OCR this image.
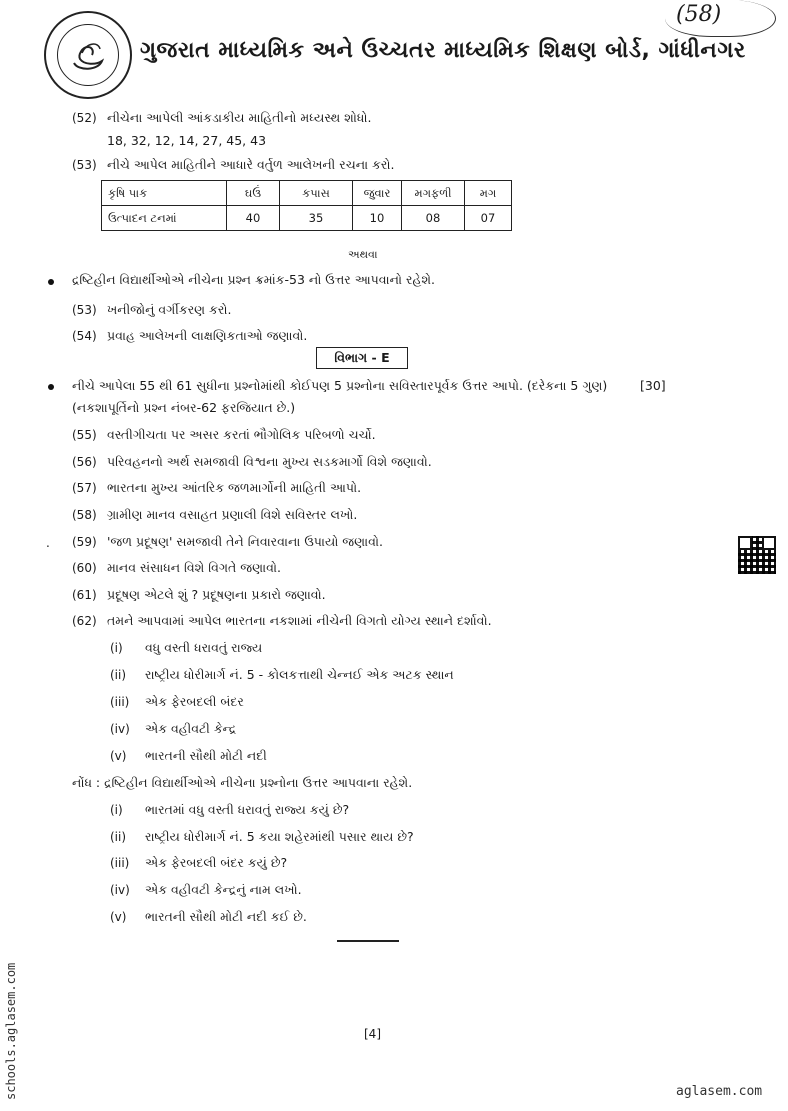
ગુજરાત માધ્યમિક અને ઉચ્ચતર માધ્યમિક શિક્ષણ બોર્ડ, ગાંધીનગર
(58)
(52) નીચેના આપેલી આંકડાકીય માહિતીનો મધ્યસ્થ શોધો.
18, 32, 12, 14, 27, 45, 43
(53) નીચે આપેલ માહિતીને આધારે વર્તુળ આલેખની રચના કરો.
કૃષિ પાક	ઘઉં	કપાસ	જુવાર	મગફળી	મગ
ઉત્પાદન ટનમાં	40	35	10	08	07
અથવા
દ્રષ્ટિહીન વિદ્યાર્થીઓએ નીચેના પ્રશ્ન ક્રમાંક-53 નો ઉત્તર આપવાનો રહેશે.
(53) ખનીજોનું વર્ગીકરણ કરો.
(54) પ્રવાહ આલેખની લાક્ષણિકતાઓ જણાવો.
વિભાગ - E
નીચે આપેલા 55 થી 61 સુધીના પ્રશ્નોમાંથી કોઈપણ 5 પ્રશ્નોના સવિસ્તારપૂર્વક ઉત્તર આપો. (દરેકના 5 ગુણ)	[30]
(નકશાપૂર્તિનો પ્રશ્ન નંબર-62 ફરજિયાત છે.)
(55) વસ્તીગીચતા પર અસર કરતાં ભૌગોલિક પરિબળો ચર્ચો.
(56) પરિવહનનો અર્થ સમજાવી વિશ્વના મુખ્ય સડકમાર્ગો વિશે જણાવો.
(57) ભારતના મુખ્ય આંતરિક જળમાર્ગોની માહિતી આપો.
(58) ગ્રામીણ માનવ વસાહત પ્રણાલી વિશે સવિસ્તર લખો.
. (59) 'જળ પ્રદૂષણ' સમજાવી તેને નિવારવાના ઉપાયો જણાવો.
(60) માનવ સંસાધન વિશે વિગતે જણાવો.
(61) પ્રદૂષણ એટલે શું ? પ્રદૂષણના પ્રકારો જણાવો.
(62) તમને આપવામાં આપેલ ભારતના નકશામાં નીચેની વિગતો યોગ્ય સ્થાને દર્શાવો.
(i) વધુ વસ્તી ધરાવતું રાજ્ય
(ii) રાષ્ટ્રીય ધોરીમાર્ગ નં. 5 - કોલકત્તાથી ચેન્નઈ એક અટક સ્થાન
(iii) એક ફેરબદલી બંદર
(iv) એક વહીવટી કેન્દ્ર
(v) ભારતની સૌથી મોટી નદી
નોંધ : દ્રષ્ટિહીન વિદ્યાર્થીઓએ નીચેના પ્રશ્નોના ઉત્તર આપવાના રહેશે.
(i) ભારતમાં વધુ વસ્તી ધરાવતું રાજ્ય કયું છે?
(ii) રાષ્ટ્રીય ધોરીમાર્ગ નં. 5 કયા શહેરમાંથી પસાર થાય છે?
(iii) એક ફેરબદલી બંદર કયું છે?
(iv) એક વહીવટી કેન્દ્રનું નામ લખો.
(v) ભારતની સૌથી મોટી નદી કઈ છે.
[4]
schools.aglasem.com	aglasem.com
